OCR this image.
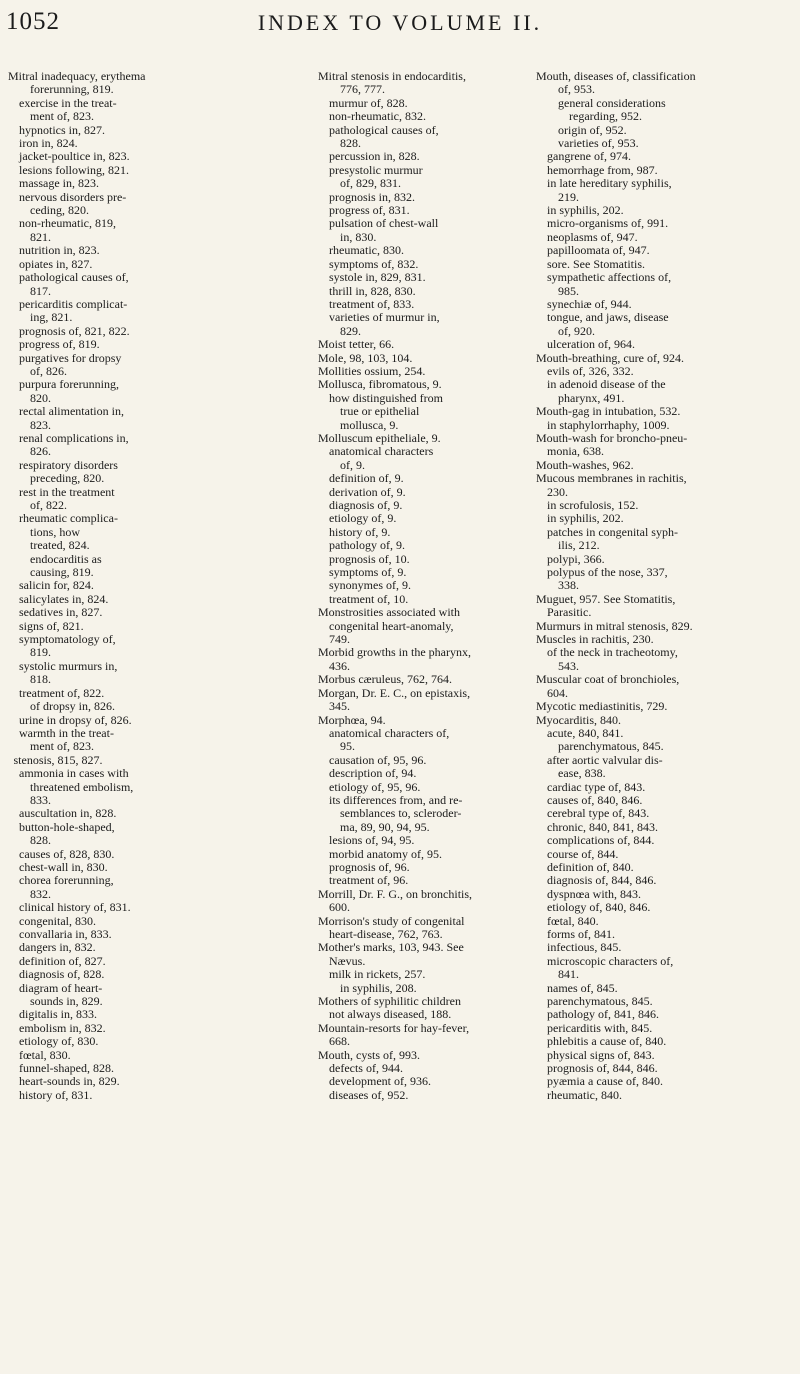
1052	INDEX TO VOLUME II.
Mitral inadequacy, erythema
forerunning, 819.
exercise in the treat-
ment of, 823.
hypnotics in, 827.
iron in, 824.
jacket-poultice in, 823.
lesions following, 821.
massage in, 823.
nervous disorders pre-
ceding, 820.
non-rheumatic, 819,
821.
nutrition in, 823.
opiates in, 827.
pathological causes of,
817.
pericarditis complicat-
ing, 821.
prognosis of, 821, 822.
progress of, 819.
purgatives for dropsy
of, 826.
purpura forerunning,
820.
rectal alimentation in,
823.
renal complications in,
826.
respiratory disorders
preceding, 820.
rest in the treatment
of, 822.
rheumatic complica-
tions, how
treated, 824.
endocarditis as
causing, 819.
salicin for, 824.
salicylates in, 824.
sedatives in, 827.
signs of, 821.
symptomatology of,
819.
systolic murmurs in,
818.
treatment of, 822.
of dropsy in, 826.
urine in dropsy of, 826.
warmth in the treat-
ment of, 823.
stenosis, 815, 827.
ammonia in cases with
threatened embolism,
833.
auscultation in, 828.
button-hole-shaped,
828.
causes of, 828, 830.
chest-wall in, 830.
chorea forerunning,
832.
clinical history of, 831.
congenital, 830.
convallaria in, 833.
dangers in, 832.
definition of, 827.
diagnosis of, 828.
diagram of heart-
sounds in, 829.
digitalis in, 833.
embolism in, 832.
etiology of, 830.
fœtal, 830.
funnel-shaped, 828.
heart-sounds in, 829.
history of, 831.
Mitral stenosis in endocarditis,
776, 777.
murmur of, 828.
non-rheumatic, 832.
pathological causes of,
828.
percussion in, 828.
presystolic murmur
of, 829, 831.
prognosis in, 832.
progress of, 831.
pulsation of chest-wall
in, 830.
rheumatic, 830.
symptoms of, 832.
systole in, 829, 831.
thrill in, 828, 830.
treatment of, 833.
varieties of murmur in,
829.
Moist tetter, 66.
Mole, 98, 103, 104.
Mollities ossium, 254.
Mollusca, fibromatous, 9.
how distinguished from
true or epithelial
mollusca, 9.
Molluscum epitheliale, 9.
anatomical characters
of, 9.
definition of, 9.
derivation of, 9.
diagnosis of, 9.
etiology of, 9.
history of, 9.
pathology of, 9.
prognosis of, 10.
symptoms of, 9.
synonymes of, 9.
treatment of, 10.
Monstrosities associated with
congenital heart-anomaly,
749.
Morbid growths in the pharynx,
436.
Morbus cæruleus, 762, 764.
Morgan, Dr. E. C., on epistaxis,
345.
Morphœa, 94.
anatomical characters of,
95.
causation of, 95, 96.
description of, 94.
etiology of, 95, 96.
its differences from, and re-
semblances to, scleroder-
ma, 89, 90, 94, 95.
lesions of, 94, 95.
morbid anatomy of, 95.
prognosis of, 96.
treatment of, 96.
Morrill, Dr. F. G., on bronchitis,
600.
Morrison's study of congenital
heart-disease, 762, 763.
Mother's marks, 103, 943. See
Nævus.
milk in rickets, 257.
in syphilis, 208.
Mothers of syphilitic children
not always diseased, 188.
Mountain-resorts for hay-fever,
668.
Mouth, cysts of, 993.
defects of, 944.
development of, 936.
diseases of, 952.
Mouth, diseases of, classification
of, 953.
general considerations
regarding, 952.
origin of, 952.
varieties of, 953.
gangrene of, 974.
hemorrhage from, 987.
in late hereditary syphilis,
219.
in syphilis, 202.
micro-organisms of, 991.
neoplasms of, 947.
papilloomata of, 947.
sore. See Stomatitis.
sympathetic affections of,
985.
synechiæ of, 944.
tongue, and jaws, disease
of, 920.
ulceration of, 964.
Mouth-breathing, cure of, 924.
evils of, 326, 332.
in adenoid disease of the
pharynx, 491.
Mouth-gag in intubation, 532.
in staphylorrhaphy, 1009.
Mouth-wash for broncho-pneu-
monia, 638.
Mouth-washes, 962.
Mucous membranes in rachitis,
230.
in scrofulosis, 152.
in syphilis, 202.
patches in congenital syph-
ilis, 212.
polypi, 366.
polypus of the nose, 337,
338.
Muguet, 957. See Stomatitis,
Parasitic.
Murmurs in mitral stenosis, 829.
Muscles in rachitis, 230.
of the neck in tracheotomy,
543.
Muscular coat of bronchioles,
604.
Mycotic mediastinitis, 729.
Myocarditis, 840.
acute, 840, 841.
parenchymatous, 845.
after aortic valvular dis-
ease, 838.
cardiac type of, 843.
causes of, 840, 846.
cerebral type of, 843.
chronic, 840, 841, 843.
complications of, 844.
course of, 844.
definition of, 840.
diagnosis of, 844, 846.
dyspnœa with, 843.
etiology of, 840, 846.
fœtal, 840.
forms of, 841.
infectious, 845.
microscopic characters of,
841.
names of, 845.
parenchymatous, 845.
pathology of, 841, 846.
pericarditis with, 845.
phlebitis a cause of, 840.
physical signs of, 843.
prognosis of, 844, 846.
pyæmia a cause of, 840.
rheumatic, 840.
